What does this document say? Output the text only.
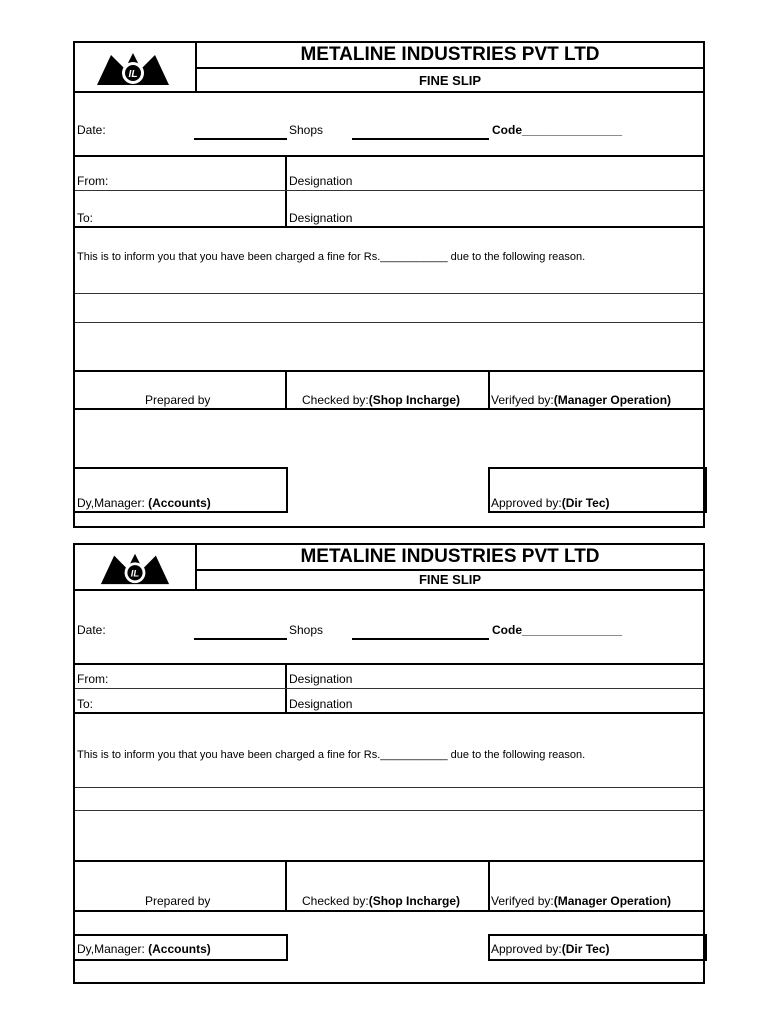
IL
METALINE INDUSTRIES PVT LTD
FINE SLIP
Date:	Shops	Code_______________
From:	Designation
To:	Designation
This is to inform you that you have been charged a fine for Rs.___________ due to the following reason.
Prepared by	Checked by:(Shop Incharge)	Verifyed by:(Manager Operation)
Dy,Manager: (Accounts)	Approved by:(Dir Tec)
IL
METALINE INDUSTRIES PVT LTD
FINE SLIP
Date:	Shops	Code_______________
From:	Designation
To:	Designation
This is to inform you that you have been charged a fine for Rs.___________ due to the following reason.
Prepared by	Checked by:(Shop Incharge)	Verifyed by:(Manager Operation)
Dy,Manager: (Accounts)	Approved by:(Dir Tec)
